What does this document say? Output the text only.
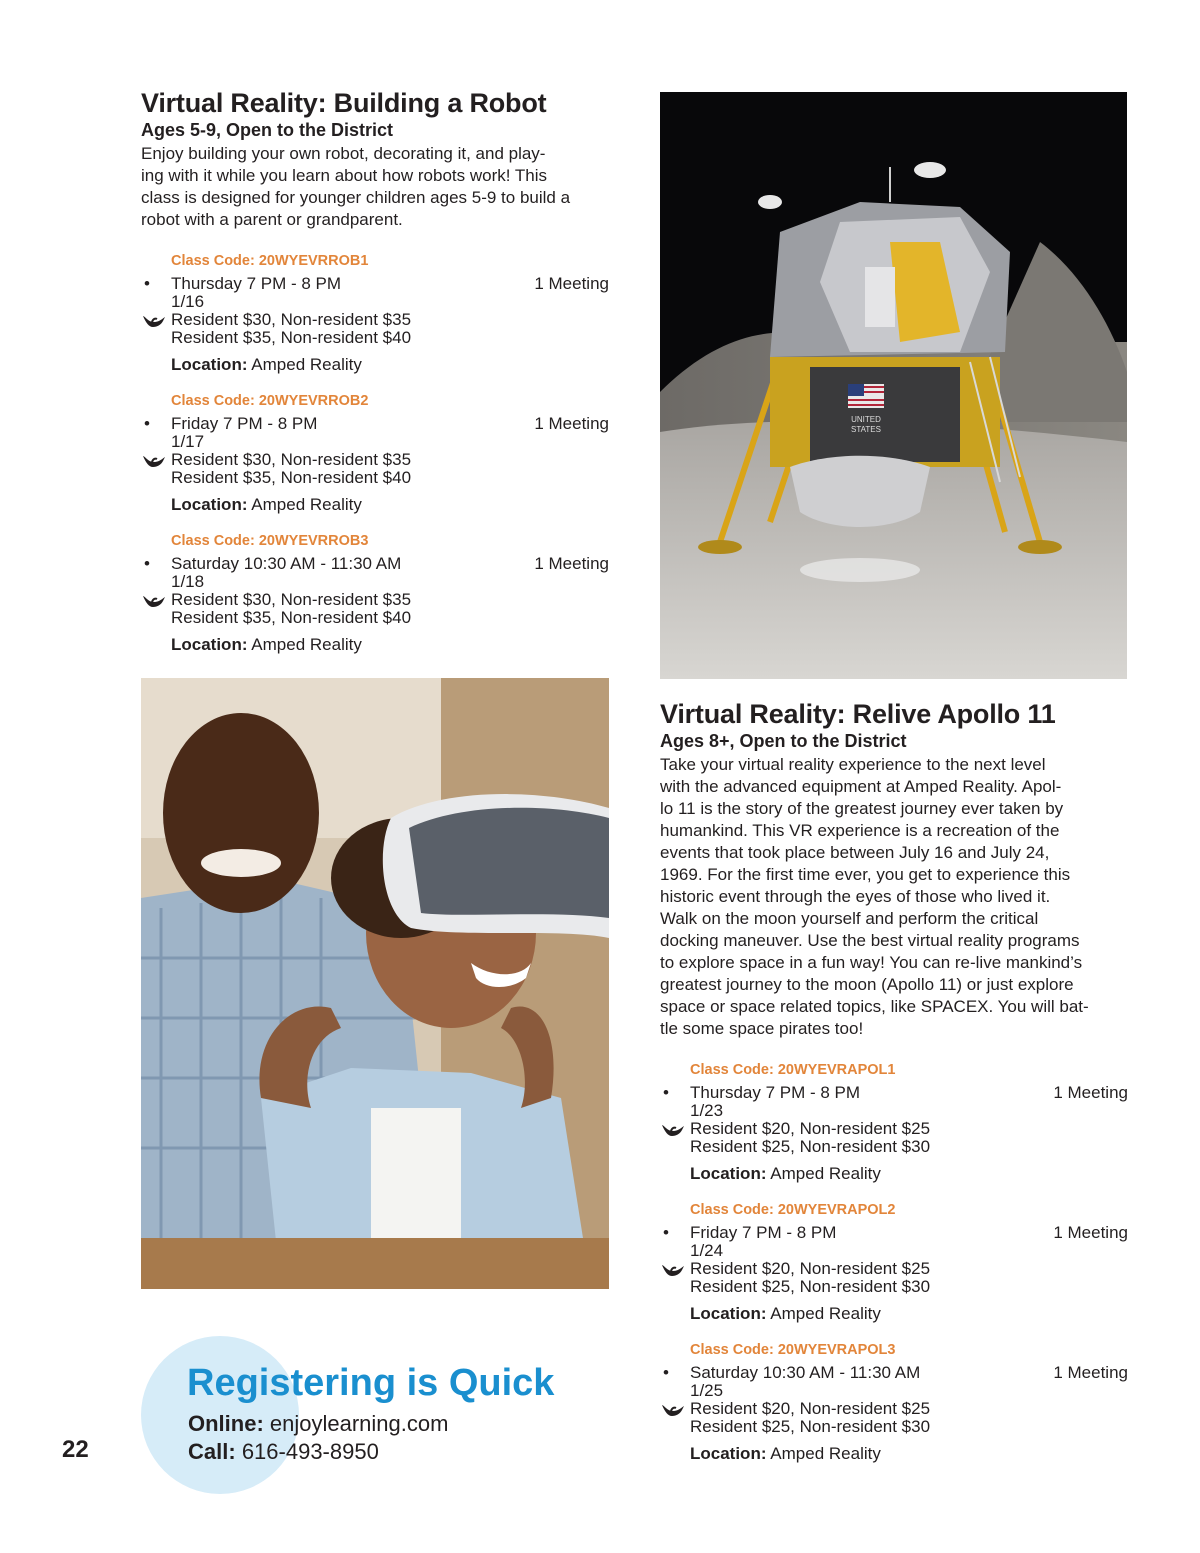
Virtual Reality: Building a Robot
Ages 5-9, Open to the District
Enjoy building your own robot, decorating it, and play-
ing with it while you learn about how robots work! This
class is designed for younger children ages 5-9 to build a
robot with a parent or grandparent.

Class Code: 20WYEVRROB1

• Thursday 7 PM - 8 PM	1 Meeting
1/16
Resident $30, Non-resident $35
Resident $35, Non-resident $40
Location: Amped Reality

Class Code: 20WYEVRROB2

• Friday 7 PM - 8 PM	1 Meeting
1/17
Resident $30, Non-resident $35
Resident $35, Non-resident $40
Location: Amped Reality

Class Code: 20WYEVRROB3

• Saturday 10:30 AM - 11:30 AM	1 Meeting
1/18
Resident $30, Non-resident $35
Resident $35, Non-resident $40
Location: Amped Reality
UNITED
STATES
Virtual Reality: Relive Apollo 11
Ages 8+, Open to the District
Take your virtual reality experience to the next level
with the advanced equipment at Amped Reality. Apol-
lo 11 is the story of the greatest journey ever taken by
humankind. This VR experience is a recreation of the
events that took place between July 16 and July 24,
1969. For the first time ever, you get to experience this
historic event through the eyes of those who lived it.
Walk on the moon yourself and perform the critical
docking maneuver. Use the best virtual reality programs
to explore space in a fun way! You can re-live mankind’s
greatest journey to the moon (Apollo 11) or just explore
space or space related topics, like SPACEX. You will bat-
tle some space pirates too!

Class Code: 20WYEVRAPOL1

• Thursday 7 PM - 8 PM	1 Meeting
1/23
Resident $20, Non-resident $25
Resident $25, Non-resident $30
Location: Amped Reality

Class Code: 20WYEVRAPOL2

• Friday 7 PM - 8 PM	1 Meeting
1/24
Resident $20, Non-resident $25
Resident $25, Non-resident $30
Location: Amped Reality

Class Code: 20WYEVRAPOL3

• Saturday 10:30 AM - 11:30 AM	1 Meeting
1/25
Resident $20, Non-resident $25
Resident $25, Non-resident $30
Location: Amped Reality
Registering is Quick
Online: enjoylearning.com
Call: 616-493-8950
22
